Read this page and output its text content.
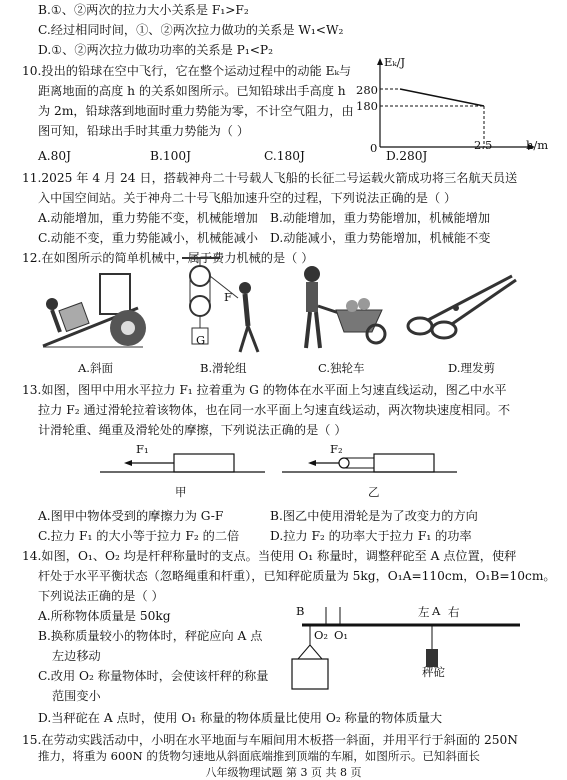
B.①、②两次的拉力大小关系是 F₁>F₂
C.经过相同时间，①、②两次拉力做功的关系是 W₁<W₂
D.①、②两次拉力做功功率的关系是 P₁<P₂
10.投出的铅球在空中飞行，它在整个运动过程中的动能 Eₖ与
距离地面的高度 h 的关系如图所示。已知铅球出手高度 h
为 2m，铅球落到地面时重力势能为零，不计空气阻力，由
图可知，铅球出手时其重力势能为（ ）
A.80J	B.100J	C.180J	D.280J
Eₖ/J
280
180
0	2.5	h/m
11.2025 年 4 月 24 日，搭载神舟二十号载人飞船的长征二号运载火箭成功将三名航天员送
入中国空间站。关于神舟二十号飞船加速升空的过程，下列说法正确的是（ ）
A.动能增加，重力势能不变，机械能增加 B.动能增加，重力势能增加，机械能增加
C.动能不变，重力势能减小，机械能减小 D.动能减小，重力势能增加，机械能不变
12.在如图所示的简单机械中，属于费力机械的是（ ）
A.斜面
G
F
B.滑轮组	C.独轮车	D.理发剪
13.如图，图甲中用水平拉力 F₁ 拉着重为 G 的物体在水平面上匀速直线运动，图乙中水平
拉力 F₂ 通过滑轮拉着该物体，也在同一水平面上匀速直线运动，两次物块速度相同。不
计滑轮重、绳重及滑轮处的摩擦，下列说法正确的是（ ）
F₁
甲
F₂
乙
A.图甲中物体受到的摩擦力为 G-F	B.图乙中使用滑轮是为了改变力的方向
C.拉力 F₁ 的大小等于拉力 F₂ 的二倍	D.拉力 F₂ 的功率大于拉力 F₁ 的功率
14.如图，O₁、O₂ 均是杆秤称量时的支点。当使用 O₁ 称量时，调整秤砣至 A 点位置，使秤
杆处于水平平衡状态（忽略绳重和杆重），已知秤砣质量为 5kg，O₁A=110cm，O₁B=10cm。
下列说法正确的是（ ）
A.所称物体质量是 50kg
B.换称质量较小的物体时，秤砣应向 A 点
左边移动
C.改用 O₂ 称量物体时，会使该杆秤的称量
范围变小
D.当秤砣在 A 点时，使用 O₁ 称量的物体质量比使用 O₂ 称量的物体质量大
B
O₂ O₁
左 A 右
秤砣
15.在劳动实践活动中，小明在水平地面与车厢间用木板搭一斜面，并用平行于斜面的 250N
推力，将重为 600N 的货物匀速地从斜面底端推到顶端的车厢，如图所示。已知斜面长
八年级物理试题 第 3 页 共 8 页
